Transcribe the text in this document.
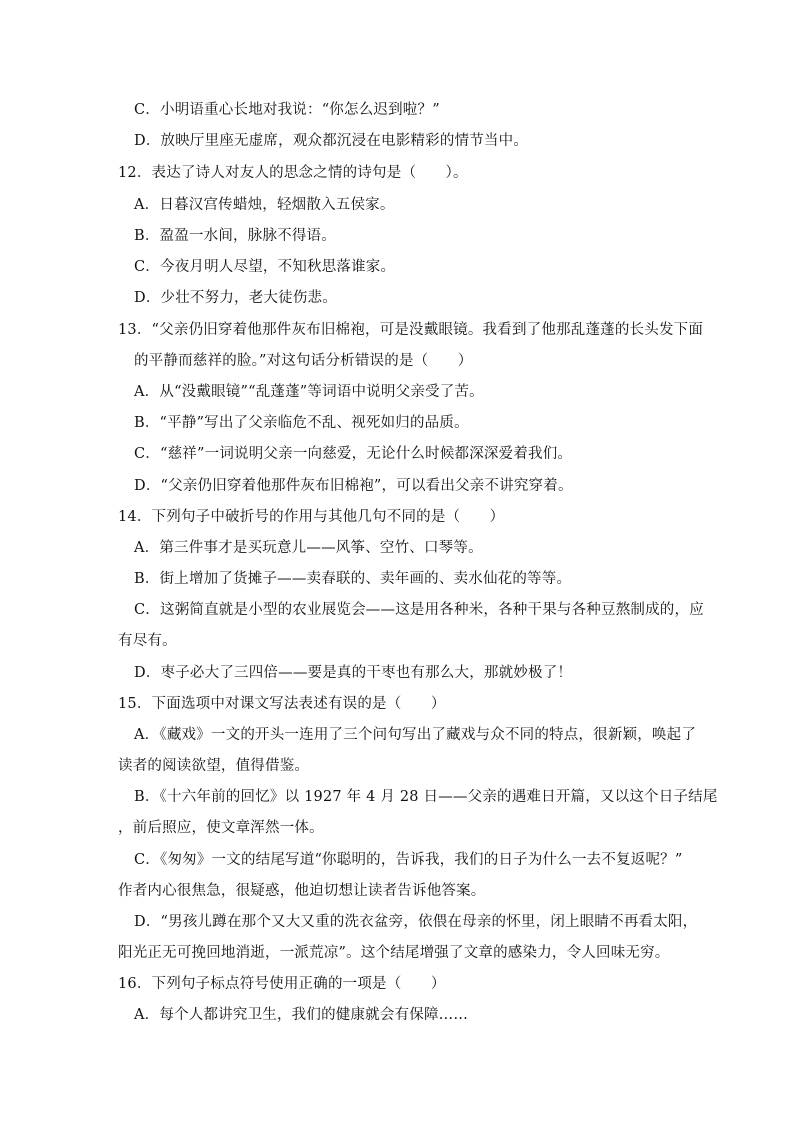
C．小明语重心长地对我说：“你怎么迟到啦？”
D．放映厅里座无虚席，观众都沉浸在电影精彩的情节当中。
12．表达了诗人对友人的思念之情的诗句是（　　）。
A．日暮汉宫传蜡烛，轻烟散入五侯家。
B．盈盈一水间，脉脉不得语。
C．今夜月明人尽望，不知秋思落谁家。
D．少壮不努力，老大徒伤悲。
13．“父亲仍旧穿着他那件灰布旧棉袍，可是没戴眼镜。我看到了他那乱蓬蓬的长头发下面
的平静而慈祥的脸。”对这句话分析错误的是（　　）
A．从“没戴眼镜”“乱蓬蓬”等词语中说明父亲受了苦。
B．“平静”写出了父亲临危不乱、视死如归的品质。
C．“慈祥”一词说明父亲一向慈爱，无论什么时候都深深爱着我们。
D．“父亲仍旧穿着他那件灰布旧棉袍”，可以看出父亲不讲究穿着。
14．下列句子中破折号的作用与其他几句不同的是（　　）
A．第三件事才是买玩意儿——风筝、空竹、口琴等。
B．街上增加了货摊子——卖春联的、卖年画的、卖水仙花的等等。
C．这粥简直就是小型的农业展览会——这是用各种米，各种干果与各种豆熬制成的，应
有尽有。
D．枣子必大了三四倍——要是真的干枣也有那么大，那就妙极了！
15．下面选项中对课文写法表述有误的是（　　）
A．《藏戏》一文的开头一连用了三个问句写出了藏戏与众不同的特点，很新颖，唤起了
读者的阅读欲望，值得借鉴。
B．《十六年前的回忆》以 1927 年 4 月 28 日——父亲的遇难日开篇，又以这个日子结尾
，前后照应，使文章浑然一体。
C．《匆匆》一文的结尾写道“你聪明的，告诉我，我们的日子为什么一去不复返呢？”
作者内心很焦急，很疑惑，他迫切想让读者告诉他答案。
D．“男孩儿蹲在那个又大又重的洗衣盆旁，依偎在母亲的怀里，闭上眼睛不再看太阳，
阳光正无可挽回地消逝，一派荒凉”。这个结尾增强了文章的感染力，令人回味无穷。
16．下列句子标点符号使用正确的一项是（　　）
A．每个人都讲究卫生，我们的健康就会有保障……
